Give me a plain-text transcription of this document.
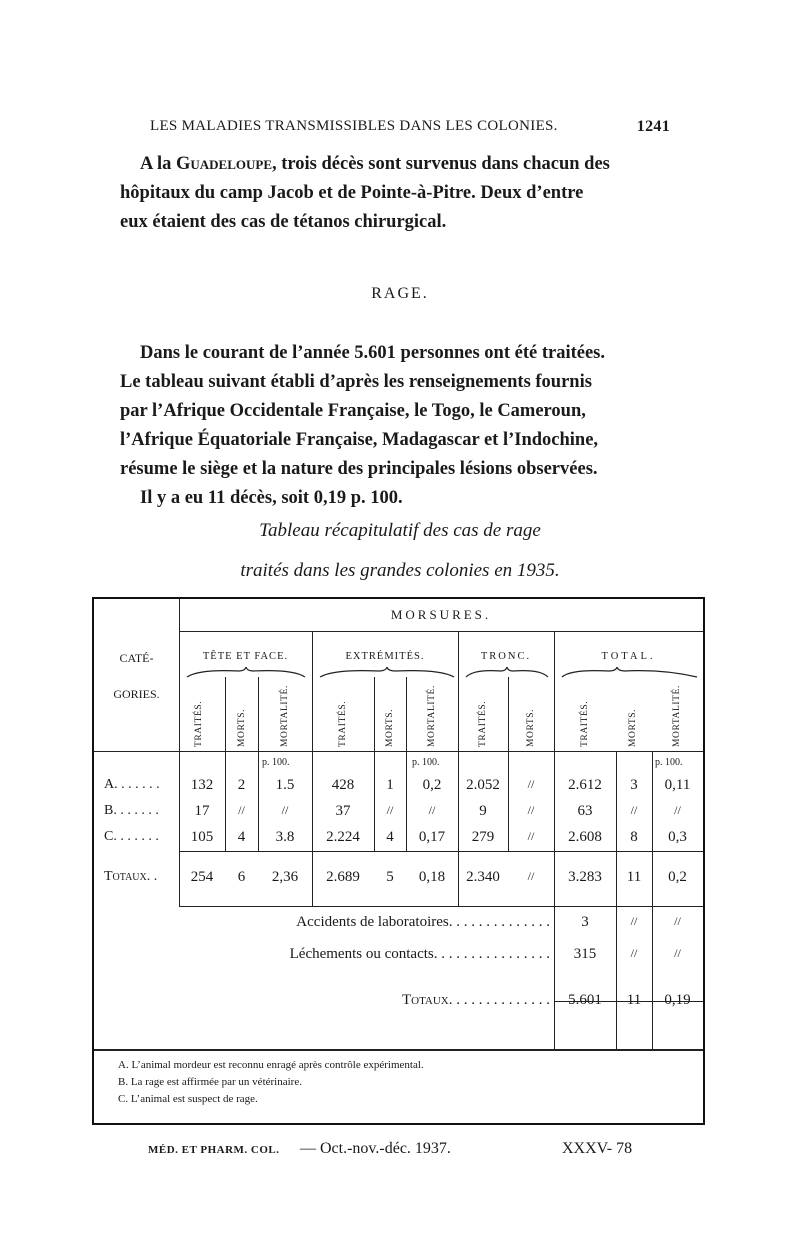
LES MALADIES TRANSMISSIBLES DANS LES COLONIES.	1241
A la Guadeloupe, trois décès sont survenus dans chacun des
hôpitaux du camp Jacob et de Pointe-à-Pitre. Deux d’entre
eux étaient des cas de tétanos chirurgical.
RAGE.
Dans le courant de l’année 5.601 personnes ont été traitées.
Le tableau suivant établi d’après les renseignements fournis
par l’Afrique Occidentale Française, le Togo, le Cameroun,
l’Afrique Équatoriale Française, Madagascar et l’Indochine,
résume le siège et la nature des principales lésions observées.
Il y a eu 11 décès, soit 0,19 p. 100.
Tableau récapitulatif des cas de rage
traités dans les grandes colonies en 1935.
MORSURES.
CATÉ-
GORIES.
TÊTE ET FACE.	EXTRÉMITÉS.	TRONC.	TOTAL.
TRAITÉS.	MORTS.	MORTALITÉ.	TRAITÉS.	MORTS.	MORTALITÉ.	TRAITÉS.	MORTS.	TRAITÉS.	MORTS.	MORTALITÉ.
p. 100.	p. 100.	p. 100.
A. . . . . . .	132	2	1.5	428	1	0,2	2.052	//	2.612	3	0,11
B. . . . . . .	17	//	//	37	//	//	9	//	63	//	//
C. . . . . . .	105	4	3.8	2.224	4	0,17	279	//	2.608	8	0,3
Totaux. .	254	6	2,36	2.689	5	0,18	2.340	//	3.283	11	0,2
Accidents de laboratoires. . . . . . . . . . . . . .	3	//	//
Léchements ou contacts. . . . . . . . . . . . . . . .	315	//	//
Totaux. . . . . . . . . . . . . .	5.601	11	0,19
A. L’animal mordeur est reconnu enragé après contrôle expérimental.
B. La rage est affirmée par un vétérinaire.
C. L’animal est suspect de rage.
MÉD. ET PHARM. COL. — Oct.-nov.-déc. 1937.	XXXV- 78
